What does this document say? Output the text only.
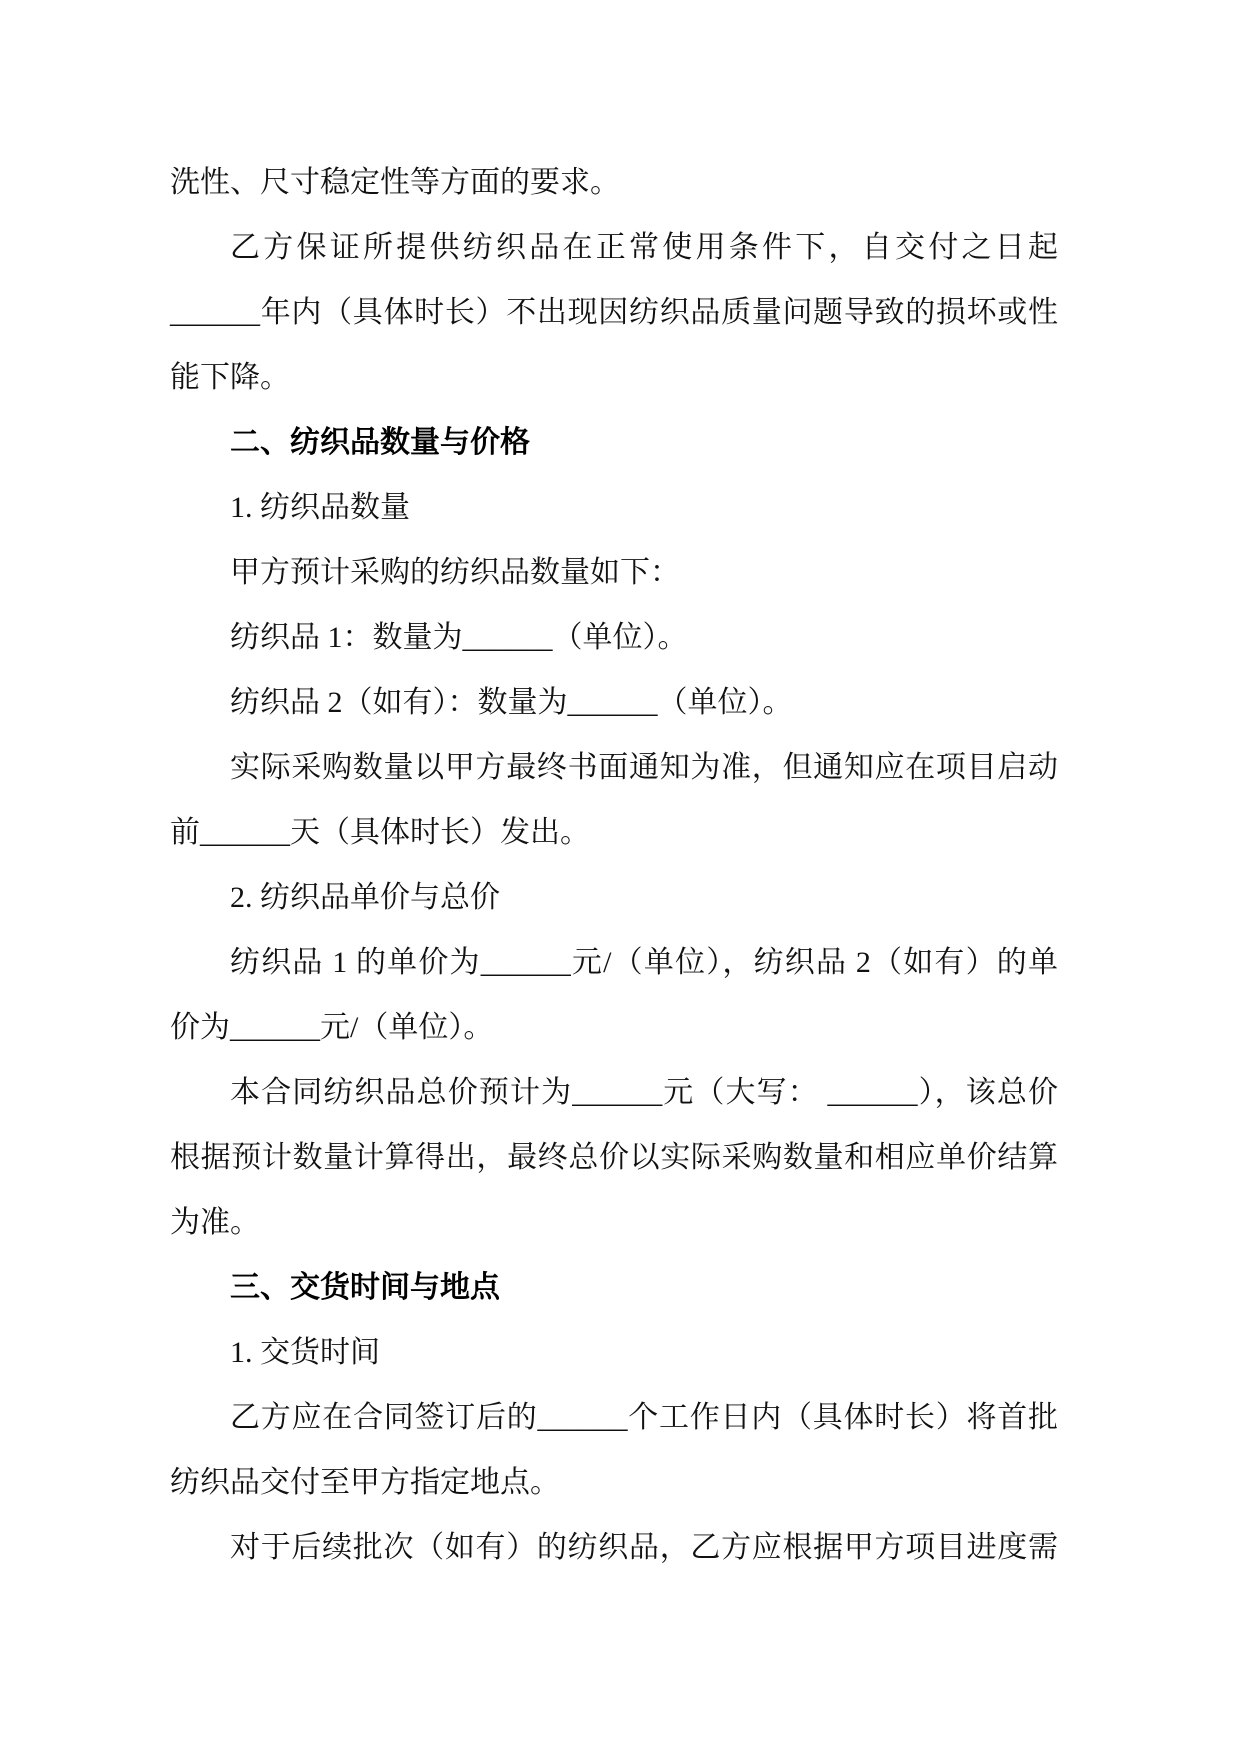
洗性、尺寸稳定性等方面的要求。

乙方保证所提供纺织品在正常使用条件下，自交付之日起

______年内（具体时长）不出现因纺织品质量问题导致的损坏或性

能下降。

二、纺织品数量与价格

1. 纺织品数量

甲方预计采购的纺织品数量如下：

纺织品 1：数量为______（单位）。

纺织品 2（如有）：数量为______（单位）。

实际采购数量以甲方最终书面通知为准，但通知应在项目启动

前______天（具体时长）发出。

2. 纺织品单价与总价

纺织品 1 的单价为______元/（单位），纺织品 2（如有）的单

价为______元/（单位）。

本合同纺织品总价预计为______元（大写： ______），该总价

根据预计数量计算得出，最终总价以实际采购数量和相应单价结算

为准。

三、交货时间与地点

1. 交货时间

乙方应在合同签订后的______个工作日内（具体时长）将首批

纺织品交付至甲方指定地点。

对于后续批次（如有）的纺织品，乙方应根据甲方项目进度需
